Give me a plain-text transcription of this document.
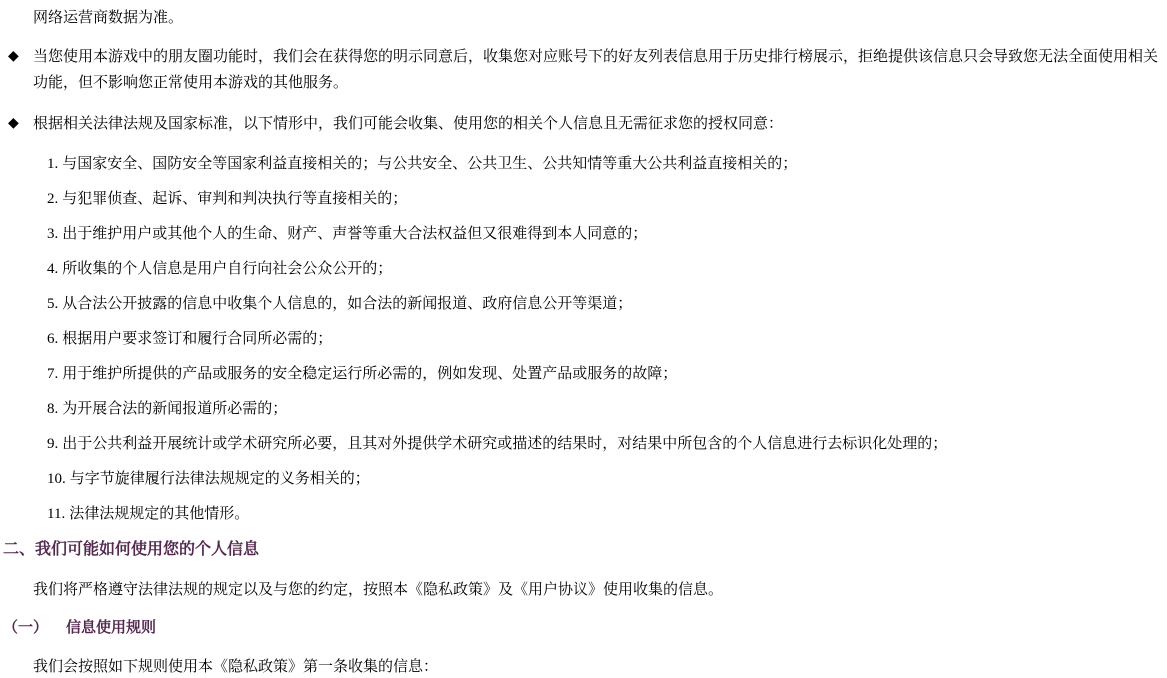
网络运营商数据为准。

◆ 当您使用本游戏中的朋友圈功能时，我们会在获得您的明示同意后，收集您对应账号下的好友列表信息用于历史排行榜展示，拒绝提供该信息只会导致您无法全面使用相关功能，但不影响您正常使用本游戏的其他服务。
◆ 根据相关法律法规及国家标准，以下情形中，我们可能会收集、使用您的相关个人信息且无需征求您的授权同意：
1. 与国家安全、国防安全等国家利益直接相关的；与公共安全、公共卫生、公共知情等重大公共利益直接相关的；
2. 与犯罪侦查、起诉、审判和判决执行等直接相关的；
3. 出于维护用户或其他个人的生命、财产、声誉等重大合法权益但又很难得到本人同意的；
4. 所收集的个人信息是用户自行向社会公众公开的；
5. 从合法公开披露的信息中收集个人信息的，如合法的新闻报道、政府信息公开等渠道；
6. 根据用户要求签订和履行合同所必需的；
7. 用于维护所提供的产品或服务的安全稳定运行所必需的，例如发现、处置产品或服务的故障；
8. 为开展合法的新闻报道所必需的；
9. 出于公共利益开展统计或学术研究所必要，且其对外提供学术研究或描述的结果时，对结果中所包含的个人信息进行去标识化处理的；
10. 与字节旋律履行法律法规规定的义务相关的；
11. 法律法规规定的其他情形。
二、我们可能如何使用您的个人信息

我们将严格遵守法律法规的规定以及与您的约定，按照本《隐私政策》及《用户协议》使用收集的信息。

（一） 信息使用规则

我们会按照如下规则使用本《隐私政策》第一条收集的信息：
